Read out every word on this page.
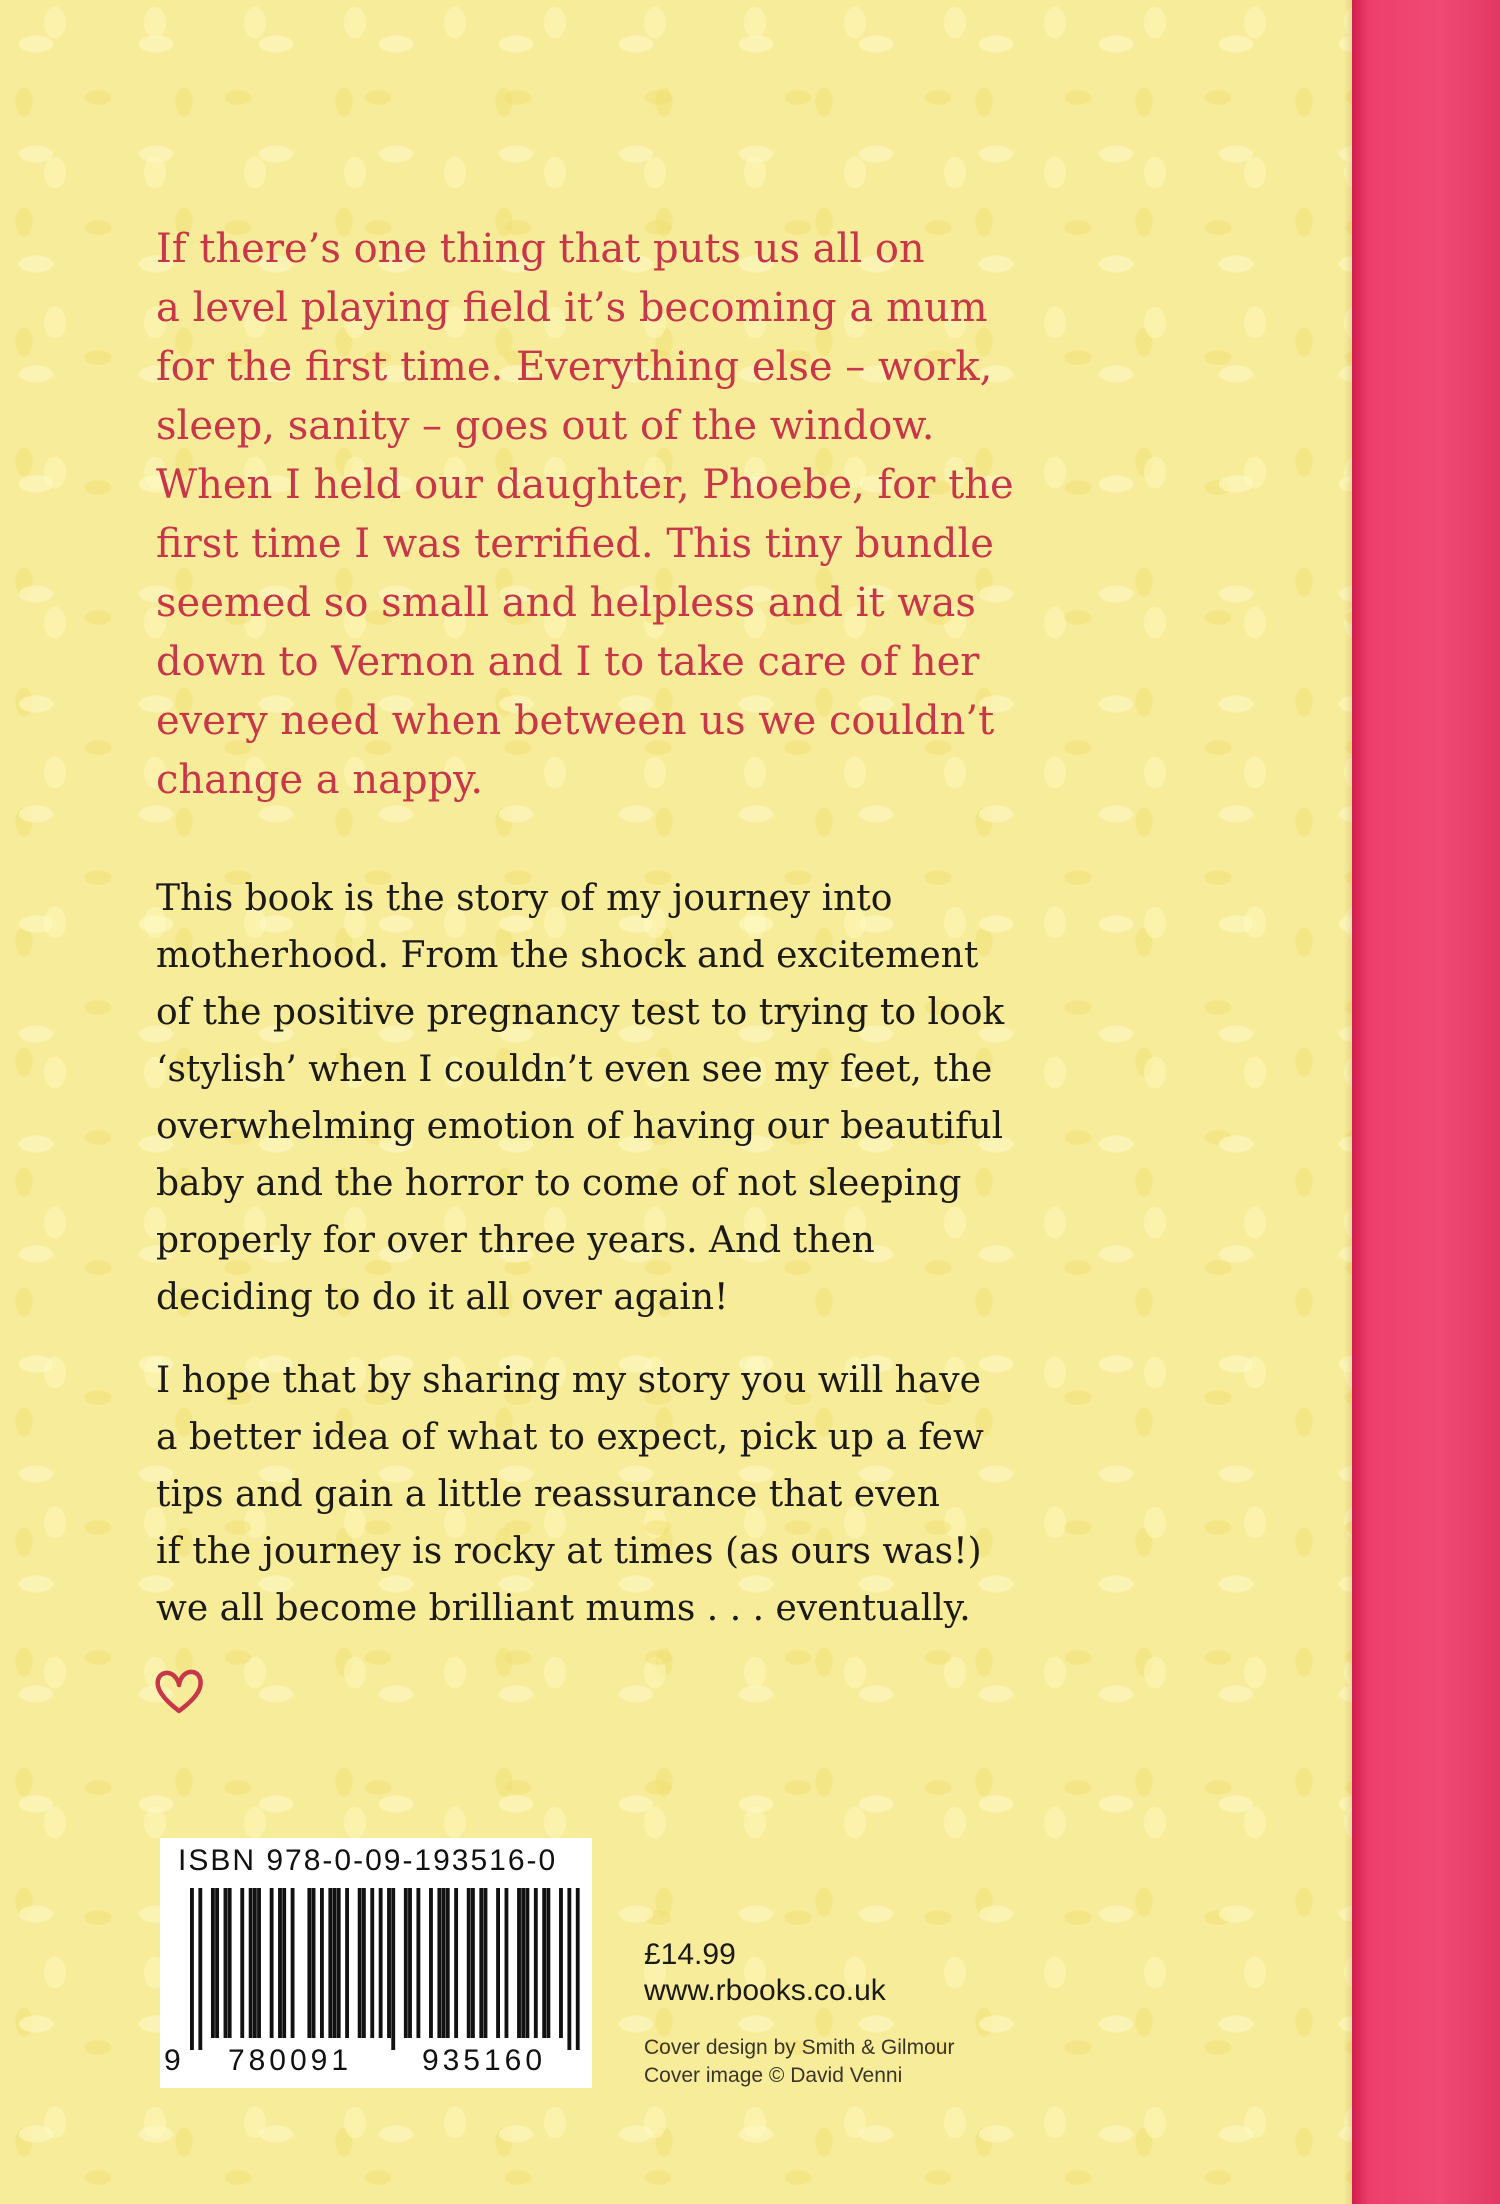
If there’s one thing that puts us all on
a level playing field it’s becoming a mum
for the first time. Everything else – work,
sleep, sanity – goes out of the window.
When I held our daughter, Phoebe, for the
first time I was terrified. This tiny bundle
seemed so small and helpless and it was
down to Vernon and I to take care of her
every need when between us we couldn’t
change a nappy.

This book is the story of my journey into
motherhood. From the shock and excitement
of the positive pregnancy test to trying to look
‘stylish’ when I couldn’t even see my feet, the
overwhelming emotion of having our beautiful
baby and the horror to come of not sleeping
properly for over three years. And then
deciding to do it all over again!

I hope that by sharing my story you will have
a better idea of what to expect, pick up a few
tips and gain a little reassurance that even
if the journey is rocky at times (as ours was!)
we all become brilliant mums . . . eventually.

ISBN 978-0-09-193516-0
9	780091	935160
£14.99
www.rbooks.co.uk
Cover design by Smith & Gilmour
Cover image © David Venni
